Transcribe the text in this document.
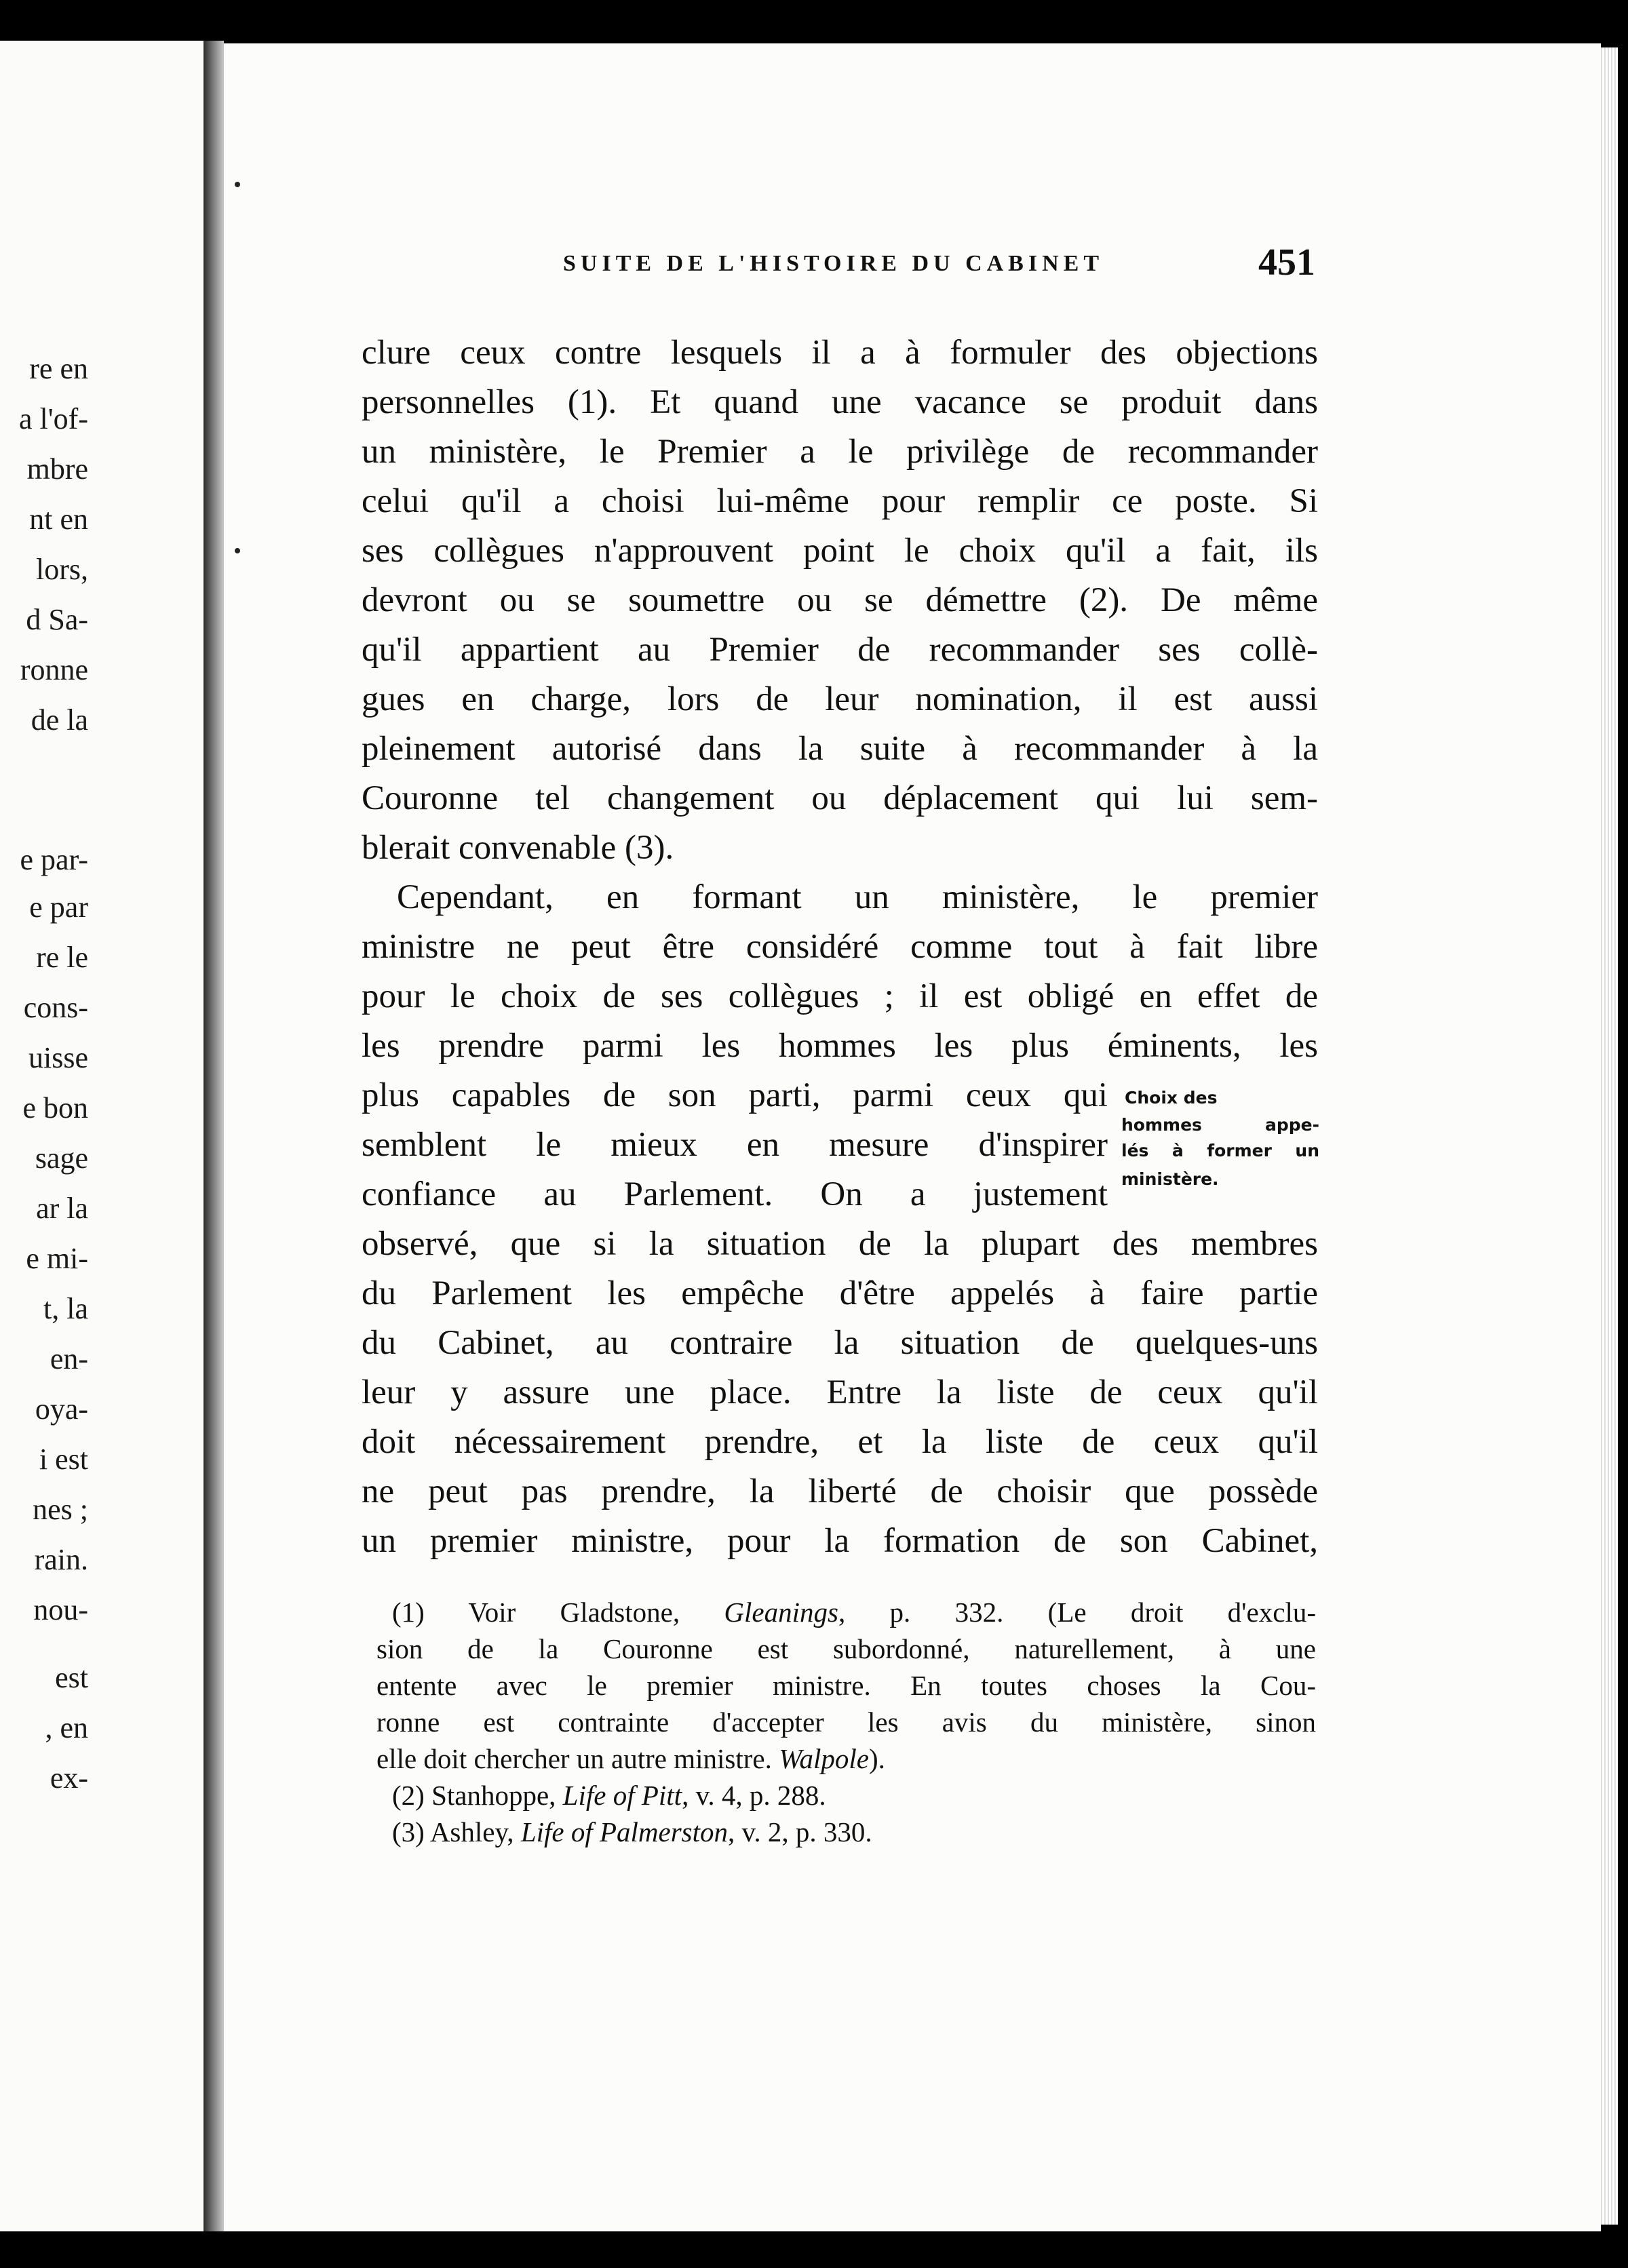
re en
a l'of-
mbre
nt en
lors,
d Sa-
ronne
de la
e par-
e par
re le
cons-
uisse
e bon
sage
ar la
e mi-
t, la
en-
oya-
i est
nes ;
rain.
nou-
est
, en
ex-
SUITE DE L'HISTOIRE DU CABINET	451
clure ceux contre lesquels il a à formuler des objections
personnelles (1). Et quand une vacance se produit dans
un ministère, le Premier a le privilège de recommander
celui qu'il a choisi lui-même pour remplir ce poste. Si
ses collègues n'approuvent point le choix qu'il a fait, ils
devront ou se soumettre ou se démettre (2). De même
qu'il appartient au Premier de recommander ses collè-
gues en charge, lors de leur nomination, il est aussi
pleinement autorisé dans la suite à recommander à la
Couronne tel changement ou déplacement qui lui sem-
blerait convenable (3).
Cependant, en formant un ministère, le premier
ministre ne peut être considéré comme tout à fait libre
pour le choix de ses collègues ; il est obligé en effet de
les prendre parmi les hommes les plus éminents, les
plus capables de son parti, parmi ceux qui
semblent le mieux en mesure d'inspirer
confiance au Parlement. On a justement
observé, que si la situation de la plupart des membres
du Parlement les empêche d'être appelés à faire partie
du Cabinet, au contraire la situation de quelques-uns
leur y assure une place. Entre la liste de ceux qu'il
doit nécessairement prendre, et la liste de ceux qu'il
ne peut pas prendre, la liberté de choisir que possède
un premier ministre, pour la formation de son Cabinet,
Choix des
hommes appe-
lés à former un
ministère.
(1) Voir Gladstone, Gleanings, p. 332. (Le droit d'exclu-
sion de la Couronne est subordonné, naturellement, à une
entente avec le premier ministre. En toutes choses la Cou-
ronne est contrainte d'accepter les avis du ministère, sinon
elle doit chercher un autre ministre. Walpole).
(2) Stanhoppe, Life of Pitt, v. 4, p. 288.
(3) Ashley, Life of Palmerston, v. 2, p. 330.
